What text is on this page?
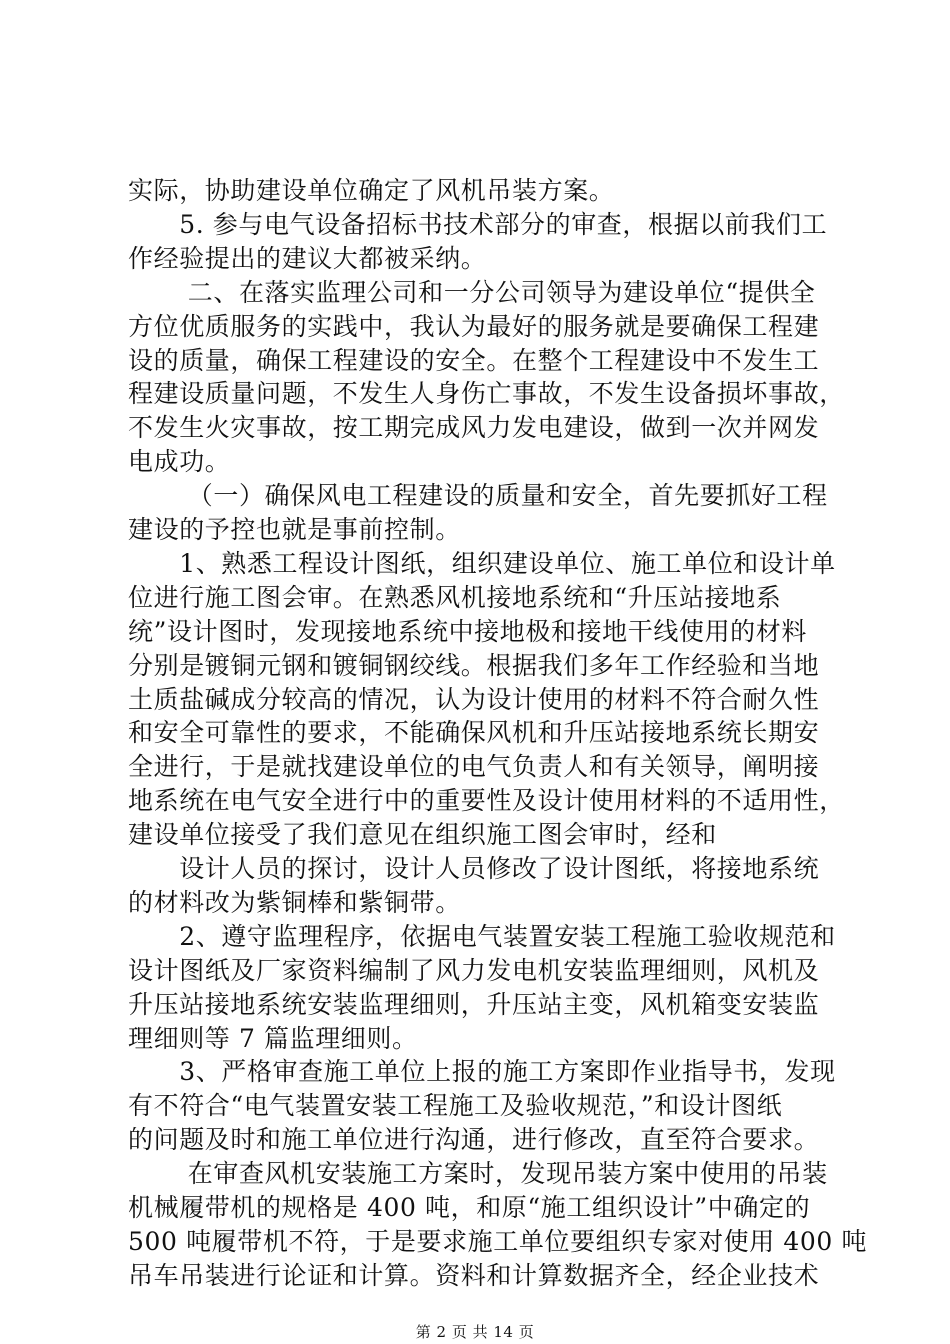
实际，协助建设单位确定了风机吊装方案。
　　5. 参与电气设备招标书技术部分的审查，根据以前我们工
作经验提出的建议大都被采纳。
　　 二、在落实监理公司和一分公司领导为建设单位“提供全
方位优质服务的实践中，我认为最好的服务就是要确保工程建
设的质量，确保工程建设的安全。在整个工程建设中不发生工
程建设质量问题，不发生人身伤亡事故，不发生设备损坏事故，
不发生火灾事故，按工期完成风力发电建设，做到一次并网发
电成功。
　　 （一）确保风电工程建设的质量和安全，首先要抓好工程
建设的予控也就是事前控制。
　　1、熟悉工程设计图纸，组织建设单位、施工单位和设计单
位进行施工图会审。在熟悉风机接地系统和“升压站接地系
统”设计图时，发现接地系统中接地极和接地干线使用的材料
分别是镀铜元钢和镀铜钢绞线。根据我们多年工作经验和当地
土质盐碱成分较高的情况，认为设计使用的材料不符合耐久性
和安全可靠性的要求，不能确保风机和升压站接地系统长期安
全进行，于是就找建设单位的电气负责人和有关领导，阐明接
地系统在电气安全进行中的重要性及设计使用材料的不适用性，
建设单位接受了我们意见在组织施工图会审时，经和
　　设计人员的探讨，设计人员修改了设计图纸，将接地系统
的材料改为紫铜棒和紫铜带。
　　2、遵守监理程序，依据电气装置安装工程施工验收规范和
设计图纸及厂家资料编制了风力发电机安装监理细则，风机及
升压站接地系统安装监理细则，升压站主变，风机箱变安装监
理细则等 7 篇监理细则。
　　3、严格审查施工单位上报的施工方案即作业指导书，发现
有不符合“电气装置安装工程施工及验收规范，”和设计图纸
的问题及时和施工单位进行沟通，进行修改，直至符合要求。
　　 在审查风机安装施工方案时，发现吊装方案中使用的吊装
机械履带机的规格是 400 吨，和原“施工组织设计”中确定的
500 吨履带机不符，于是要求施工单位要组织专家对使用 400 吨
吊车吊装进行论证和计算。资料和计算数据齐全，经企业技术
第 2 页 共 14 页
